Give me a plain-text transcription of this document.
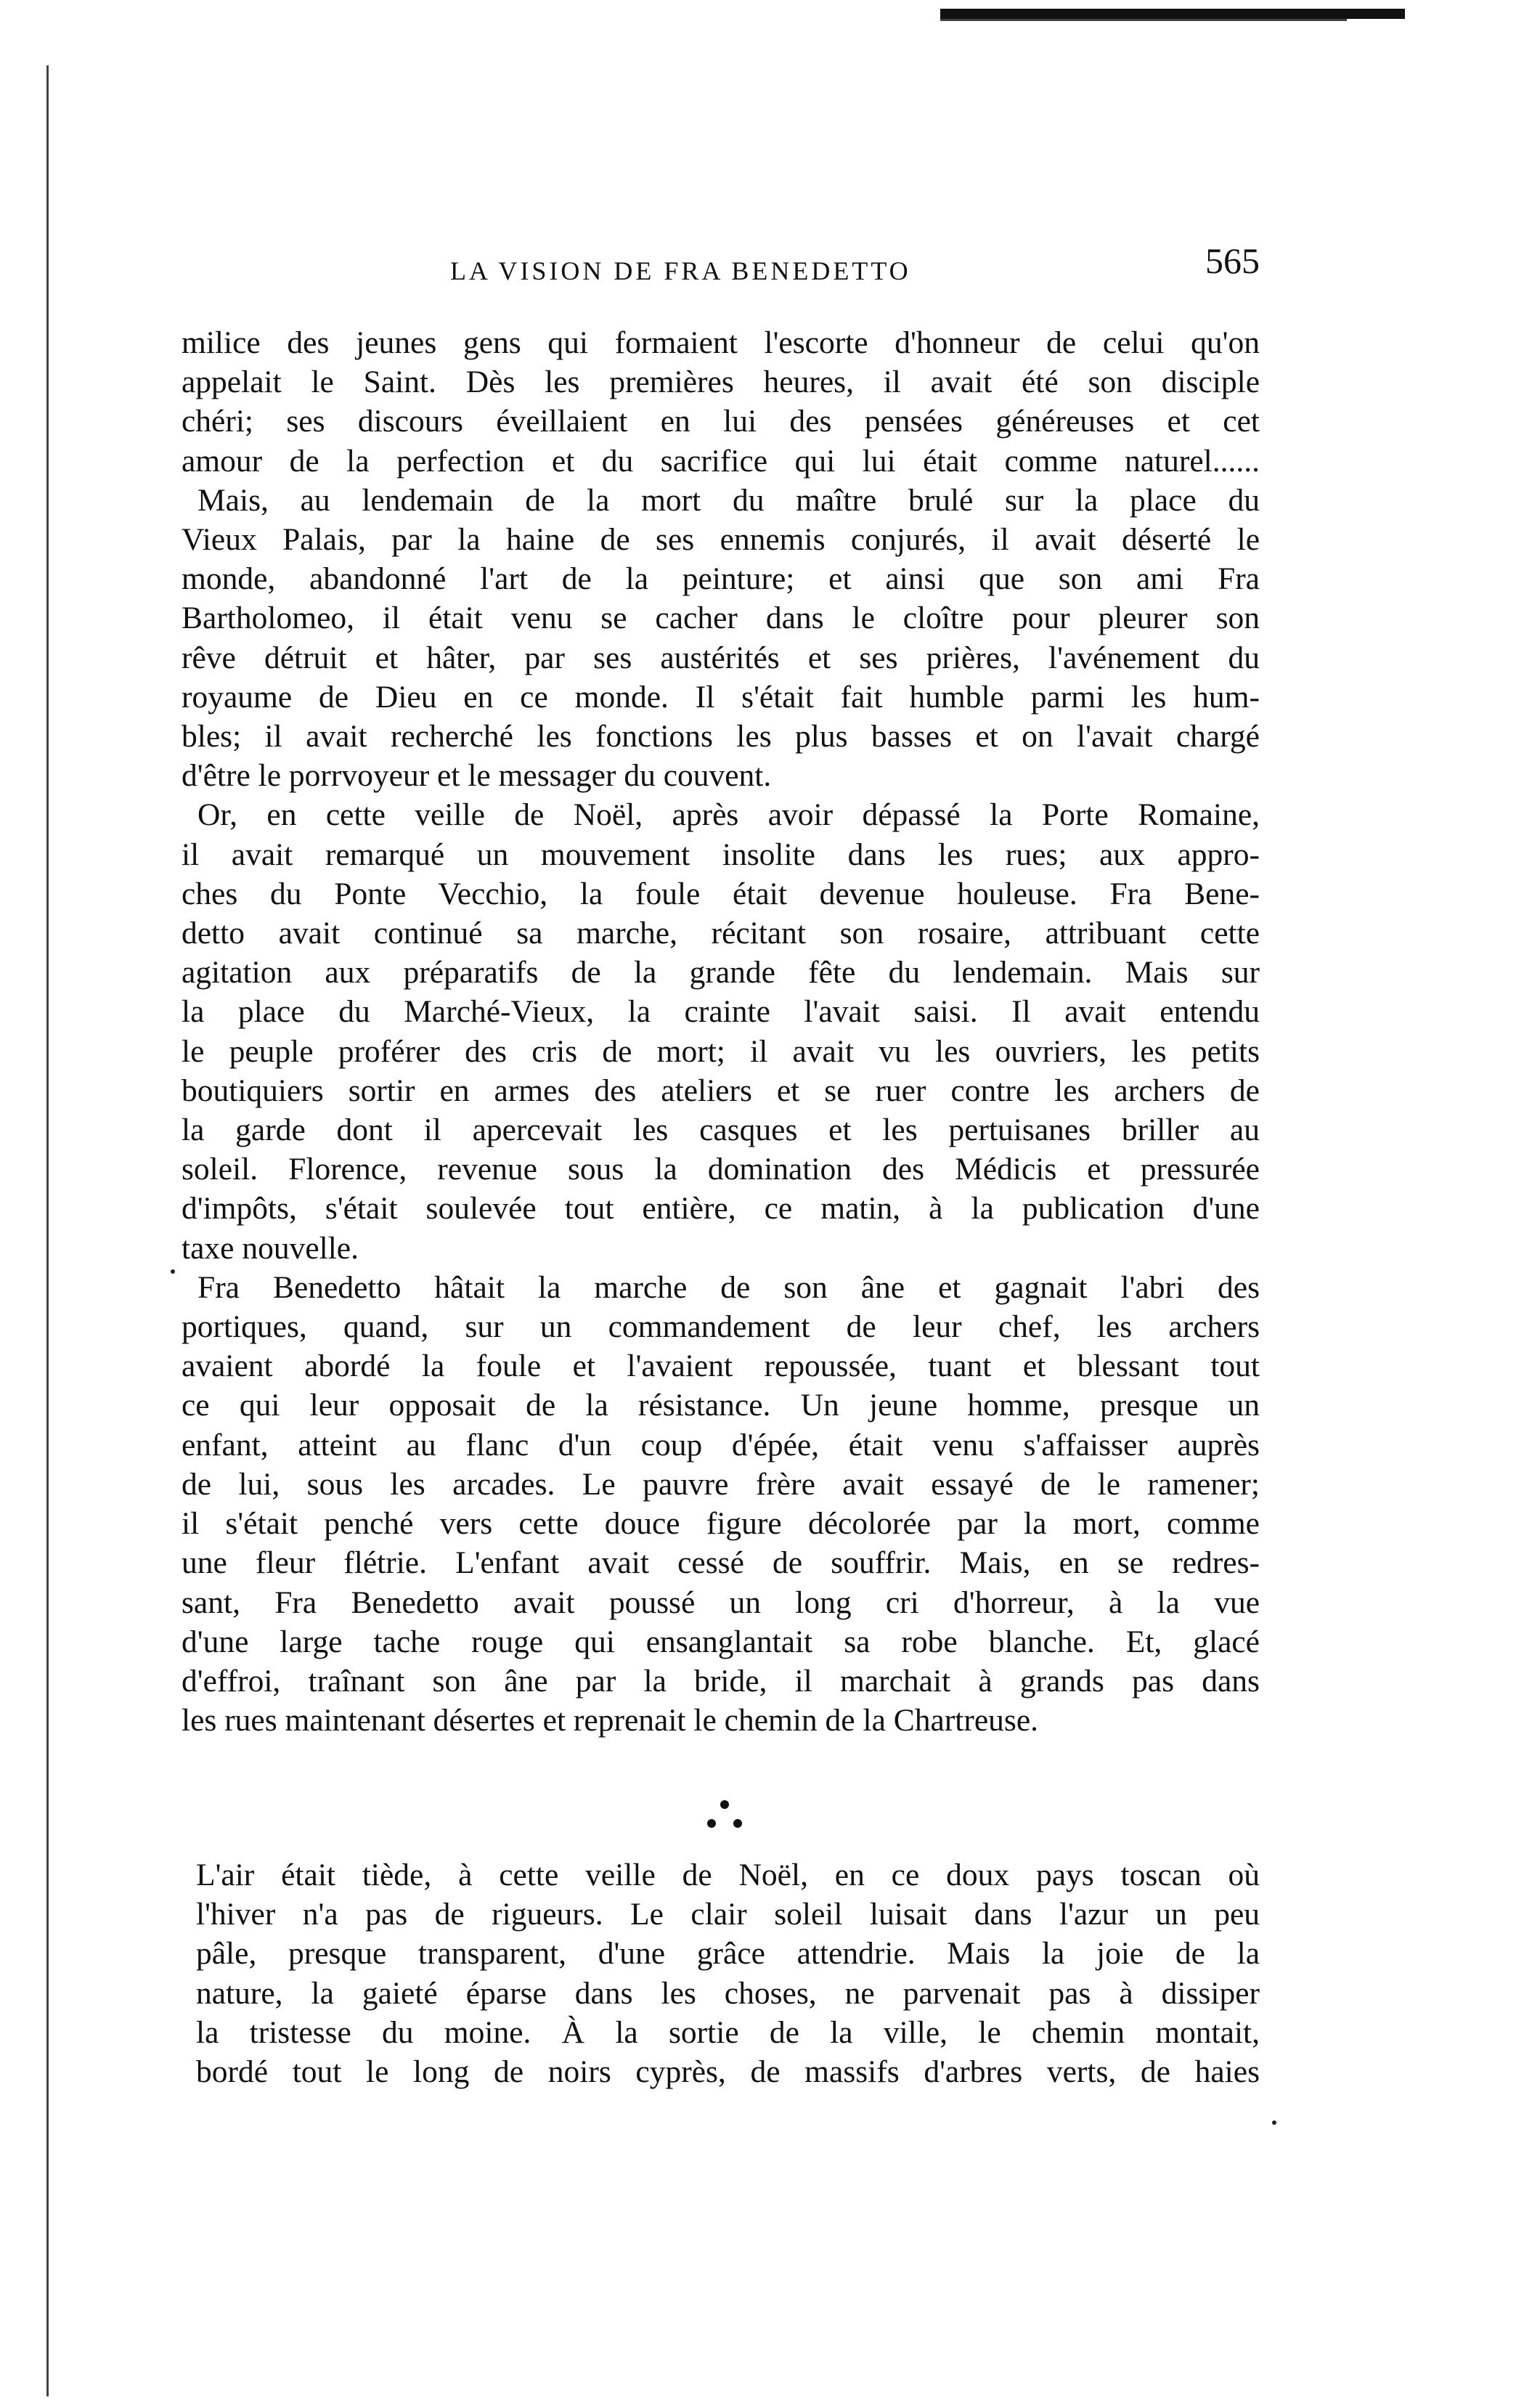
LA VISION DE FRA BENEDETTO	565

milice des jeunes gens qui formaient l'escorte d'honneur de celui qu'on
appelait le Saint. Dès les premières heures, il avait été son disciple
chéri; ses discours éveillaient en lui des pensées généreuses et cet
amour de la perfection et du sacrifice qui lui était comme naturel......
Mais, au lendemain de la mort du maître brulé sur la place du
Vieux Palais, par la haine de ses ennemis conjurés, il avait déserté le
monde, abandonné l'art de la peinture; et ainsi que son ami Fra
Bartholomeo, il était venu se cacher dans le cloître pour pleurer son
rêve détruit et hâter, par ses austérités et ses prières, l'avénement du
royaume de Dieu en ce monde. Il s'était fait humble parmi les hum-
bles; il avait recherché les fonctions les plus basses et on l'avait chargé
d'être le porrvoyeur et le messager du couvent.
Or, en cette veille de Noël, après avoir dépassé la Porte Romaine,
il avait remarqué un mouvement insolite dans les rues; aux appro-
ches du Ponte Vecchio, la foule était devenue houleuse. Fra Bene-
detto avait continué sa marche, récitant son rosaire, attribuant cette
agitation aux préparatifs de la grande fête du lendemain. Mais sur
la place du Marché-Vieux, la crainte l'avait saisi. Il avait entendu
le peuple proférer des cris de mort; il avait vu les ouvriers, les petits
boutiquiers sortir en armes des ateliers et se ruer contre les archers de
la garde dont il apercevait les casques et les pertuisanes briller au
soleil. Florence, revenue sous la domination des Médicis et pressurée
d'impôts, s'était soulevée tout entière, ce matin, à la publication d'une
taxe nouvelle.
Fra Benedetto hâtait la marche de son âne et gagnait l'abri des
portiques, quand, sur un commandement de leur chef, les archers
avaient abordé la foule et l'avaient repoussée, tuant et blessant tout
ce qui leur opposait de la résistance. Un jeune homme, presque un
enfant, atteint au flanc d'un coup d'épée, était venu s'affaisser auprès
de lui, sous les arcades. Le pauvre frère avait essayé de le ramener;
il s'était penché vers cette douce figure décolorée par la mort, comme
une fleur flétrie. L'enfant avait cessé de souffrir. Mais, en se redres-
sant, Fra Benedetto avait poussé un long cri d'horreur, à la vue
d'une large tache rouge qui ensanglantait sa robe blanche. Et, glacé
d'effroi, traînant son âne par la bride, il marchait à grands pas dans
les rues maintenant désertes et reprenait le chemin de la Chartreuse.

L'air était tiède, à cette veille de Noël, en ce doux pays toscan où
l'hiver n'a pas de rigueurs. Le clair soleil luisait dans l'azur un peu
pâle, presque transparent, d'une grâce attendrie. Mais la joie de la
nature, la gaieté éparse dans les choses, ne parvenait pas à dissiper
la tristesse du moine. À la sortie de la ville, le chemin montait,
bordé tout le long de noirs cyprès, de massifs d'arbres verts, de haies
